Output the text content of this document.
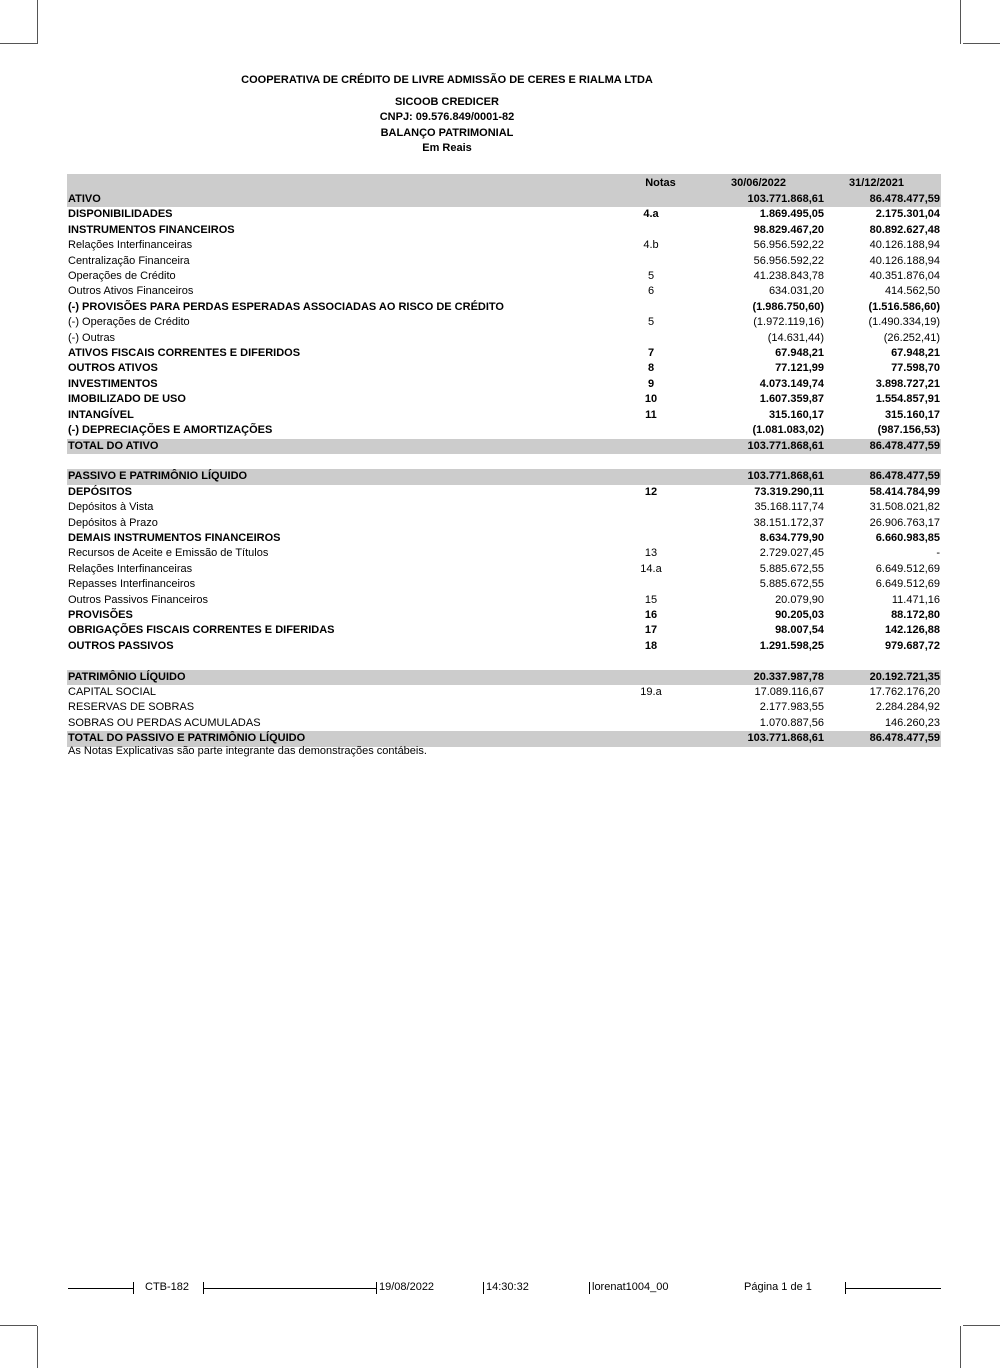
COOPERATIVA DE CRÉDITO DE LIVRE ADMISSÃO DE CERES E RIALMA LTDA
SICOOB CREDICER
CNPJ: 09.576.849/0001-82
BALANÇO PATRIMONIAL
Em Reais
	Notas	30/06/2022	31/12/2021
ATIVO		103.771.868,61	86.478.477,59
DISPONIBILIDADES	4.a	1.869.495,05	2.175.301,04
INSTRUMENTOS FINANCEIROS		98.829.467,20	80.892.627,48
Relações Interfinanceiras	4.b	56.956.592,22	40.126.188,94
Centralização Financeira		56.956.592,22	40.126.188,94
Operações de Crédito	5	41.238.843,78	40.351.876,04
Outros Ativos Financeiros	6	634.031,20	414.562,50
(-) PROVISÕES PARA PERDAS ESPERADAS ASSOCIADAS AO RISCO DE CRÉDITO		(1.986.750,60)	(1.516.586,60)
(-) Operações de Crédito	5	(1.972.119,16)	(1.490.334,19)
(-) Outras		(14.631,44)	(26.252,41)
ATIVOS FISCAIS CORRENTES E DIFERIDOS	7	67.948,21	67.948,21
OUTROS ATIVOS	8	77.121,99	77.598,70
INVESTIMENTOS	9	4.073.149,74	3.898.727,21
IMOBILIZADO DE USO	10	1.607.359,87	1.554.857,91
INTANGÍVEL	11	315.160,17	315.160,17
(-) DEPRECIAÇÕES E AMORTIZAÇÕES		(1.081.083,02)	(987.156,53)
TOTAL DO ATIVO		103.771.868,61	86.478.477,59

PASSIVO E PATRIMÔNIO LÍQUIDO		103.771.868,61	86.478.477,59
DEPÓSITOS	12	73.319.290,11	58.414.784,99
Depósitos à Vista		35.168.117,74	31.508.021,82
Depósitos à Prazo		38.151.172,37	26.906.763,17
DEMAIS INSTRUMENTOS FINANCEIROS		8.634.779,90	6.660.983,85
Recursos de Aceite e Emissão de Títulos	13	2.729.027,45	-
Relações Interfinanceiras	14.a	5.885.672,55	6.649.512,69
Repasses Interfinanceiros		5.885.672,55	6.649.512,69
Outros Passivos Financeiros	15	20.079,90	11.471,16
PROVISÕES	16	90.205,03	88.172,80
OBRIGAÇÕES FISCAIS CORRENTES E DIFERIDAS	17	98.007,54	142.126,88
OUTROS PASSIVOS	18	1.291.598,25	979.687,72

PATRIMÔNIO LÍQUIDO		20.337.987,78	20.192.721,35
CAPITAL SOCIAL	19.a	17.089.116,67	17.762.176,20
RESERVAS DE SOBRAS		2.177.983,55	2.284.284,92
SOBRAS OU PERDAS ACUMULADAS		1.070.887,56	146.260,23
TOTAL DO PASSIVO E PATRIMÔNIO LÍQUIDO		103.771.868,61	86.478.477,59
As Notas Explicativas são parte integrante das demonstrações contábeis.
CTB-182	19/08/2022	14:30:32	lorenat1004_00	Página 1 de 1
